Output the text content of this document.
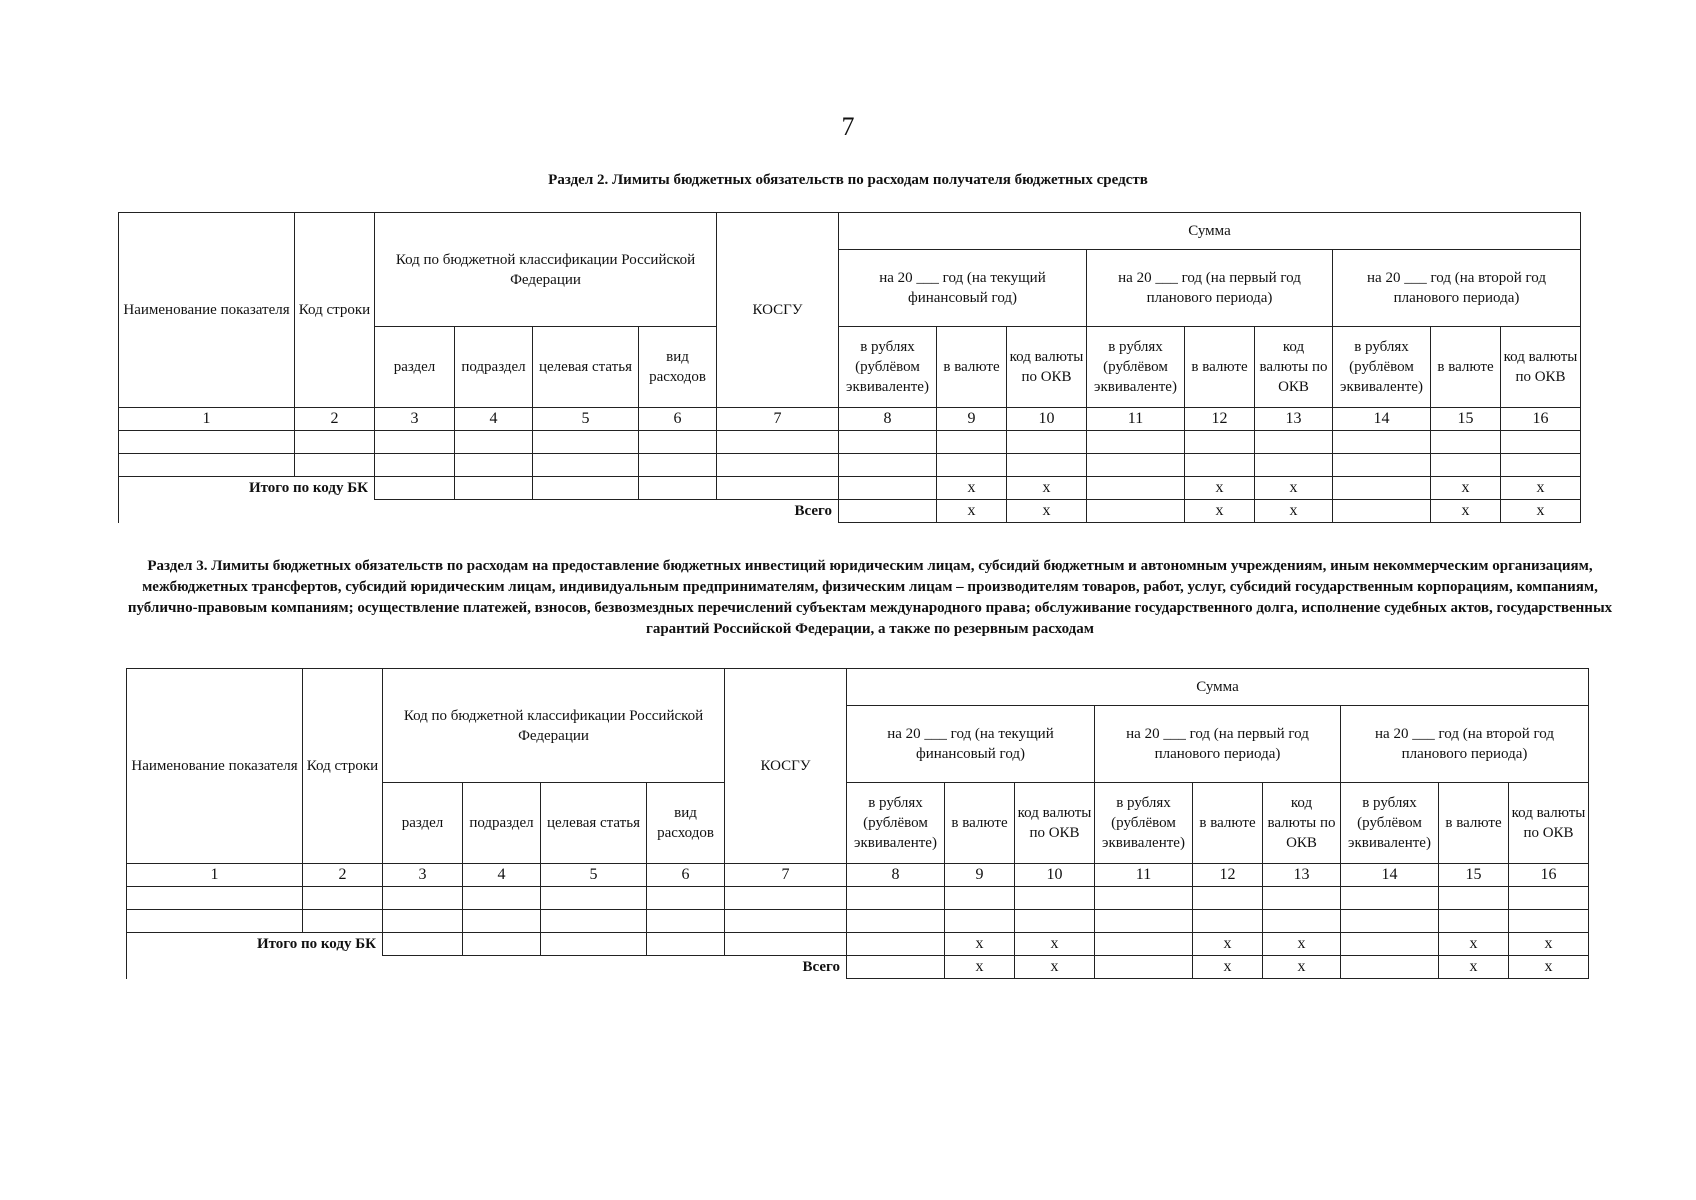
7
Раздел 2. Лимиты бюджетных обязательств по расходам получателя бюджетных средств
Наименование показателя	Код строки	Код по бюджетной классификации Российской Федерации				КОСГУ	Сумма								
							на 20 ___ год (на текущий финансовый год)			на 20 ___ год (на первый год планового периода)			на 20 ___ год (на второй год планового периода)		
		раздел	подраздел	целевая статья	вид расходов		в рублях (рублёвом эквиваленте)	в валюте	код валюты по ОКВ	в рублях (рублёвом эквиваленте)	в валюте	код валюты по ОКВ	в рублях (рублёвом эквиваленте)	в валюте	код валюты по ОКВ
1	2	3	4	5	6	7	8	9	10	11	12	13	14	15	16

Итого по коду БК								x	x		x	x		x	x
						Всего		x	x		x	x		x	x
Раздел 3. Лимиты бюджетных обязательств по расходам на предоставление бюджетных инвестиций юридическим лицам, субсидий бюджетным и автономным учреждениям, иным некоммерческим организациям, межбюджетных трансфертов, субсидий юридическим лицам, индивидуальным предпринимателям, физическим лицам – производителям товаров, работ, услуг, субсидий государственным корпорациям, компаниям, публично-правовым компаниям; осуществление платежей, взносов, безвозмездных перечислений субъектам международного права; обслуживание государственного долга, исполнение судебных актов, государственных гарантий Российской Федерации, а также по резервным расходам
Наименование показателя	Код строки	Код по бюджетной классификации Российской Федерации				КОСГУ	Сумма								
							на 20 ___ год (на текущий финансовый год)			на 20 ___ год (на первый год планового периода)			на 20 ___ год (на второй год планового периода)		
		раздел	подраздел	целевая статья	вид расходов		в рублях (рублёвом эквиваленте)	в валюте	код валюты по ОКВ	в рублях (рублёвом эквиваленте)	в валюте	код валюты по ОКВ	в рублях (рублёвом эквиваленте)	в валюте	код валюты по ОКВ
1	2	3	4	5	6	7	8	9	10	11	12	13	14	15	16

Итого по коду БК								x	x		x	x		x	x
						Всего		x	x		x	x		x	x
